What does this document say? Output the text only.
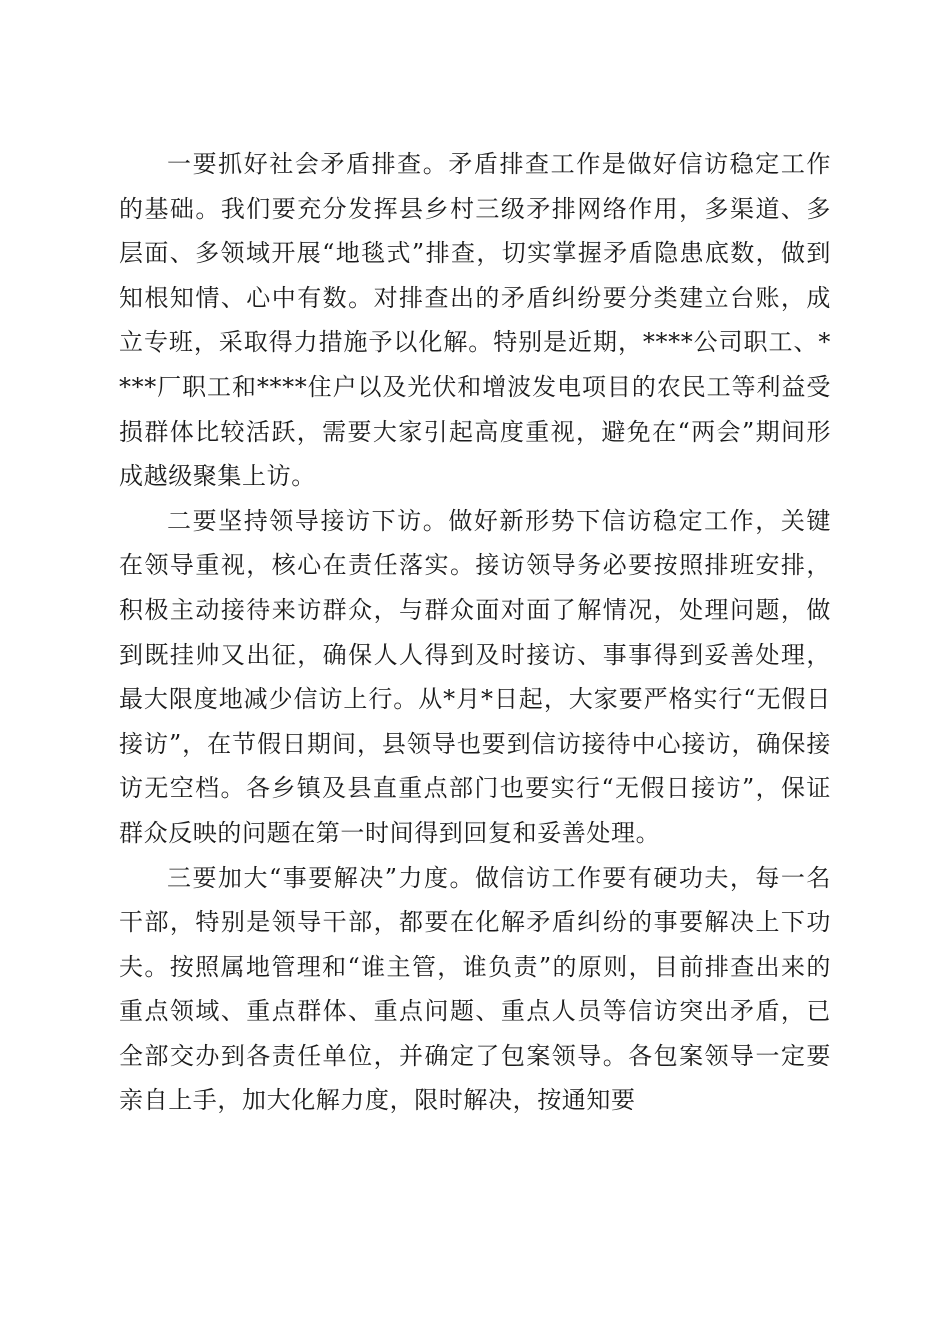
一要抓好社会矛盾排查。矛盾排查工作是做好信访稳定工作的基础。我们要充分发挥县乡村三级矛排网络作用，多渠道、多层面、多领域开展“地毯式”排查，切实掌握矛盾隐患底数，做到知根知情、心中有数。对排查出的矛盾纠纷要分类建立台账，成立专班，采取得力措施予以化解。特别是近期，****公司职工、****厂职工和****住户以及光伏和增波发电项目的农民工等利益受损群体比较活跃，需要大家引起高度重视，避免在“两会”期间形成越级聚集上访。

二要坚持领导接访下访。做好新形势下信访稳定工作，关键在领导重视，核心在责任落实。接访领导务必要按照排班安排，积极主动接待来访群众，与群众面对面了解情况，处理问题，做到既挂帅又出征，确保人人得到及时接访、事事得到妥善处理，最大限度地减少信访上行。从*月*日起，大家要严格实行“无假日接访”，在节假日期间，县领导也要到信访接待中心接访，确保接访无空档。各乡镇及县直重点部门也要实行“无假日接访”，保证群众反映的问题在第一时间得到回复和妥善处理。

三要加大“事要解决”力度。做信访工作要有硬功夫，每一名干部，特别是领导干部，都要在化解矛盾纠纷的事要解决上下功夫。按照属地管理和“谁主管，谁负责”的原则，目前排查出来的重点领域、重点群体、重点问题、重点人员等信访突出矛盾，已全部交办到各责任单位，并确定了包案领导。各包案领导一定要亲自上手，加大化解力度，限时解决，按通知要
